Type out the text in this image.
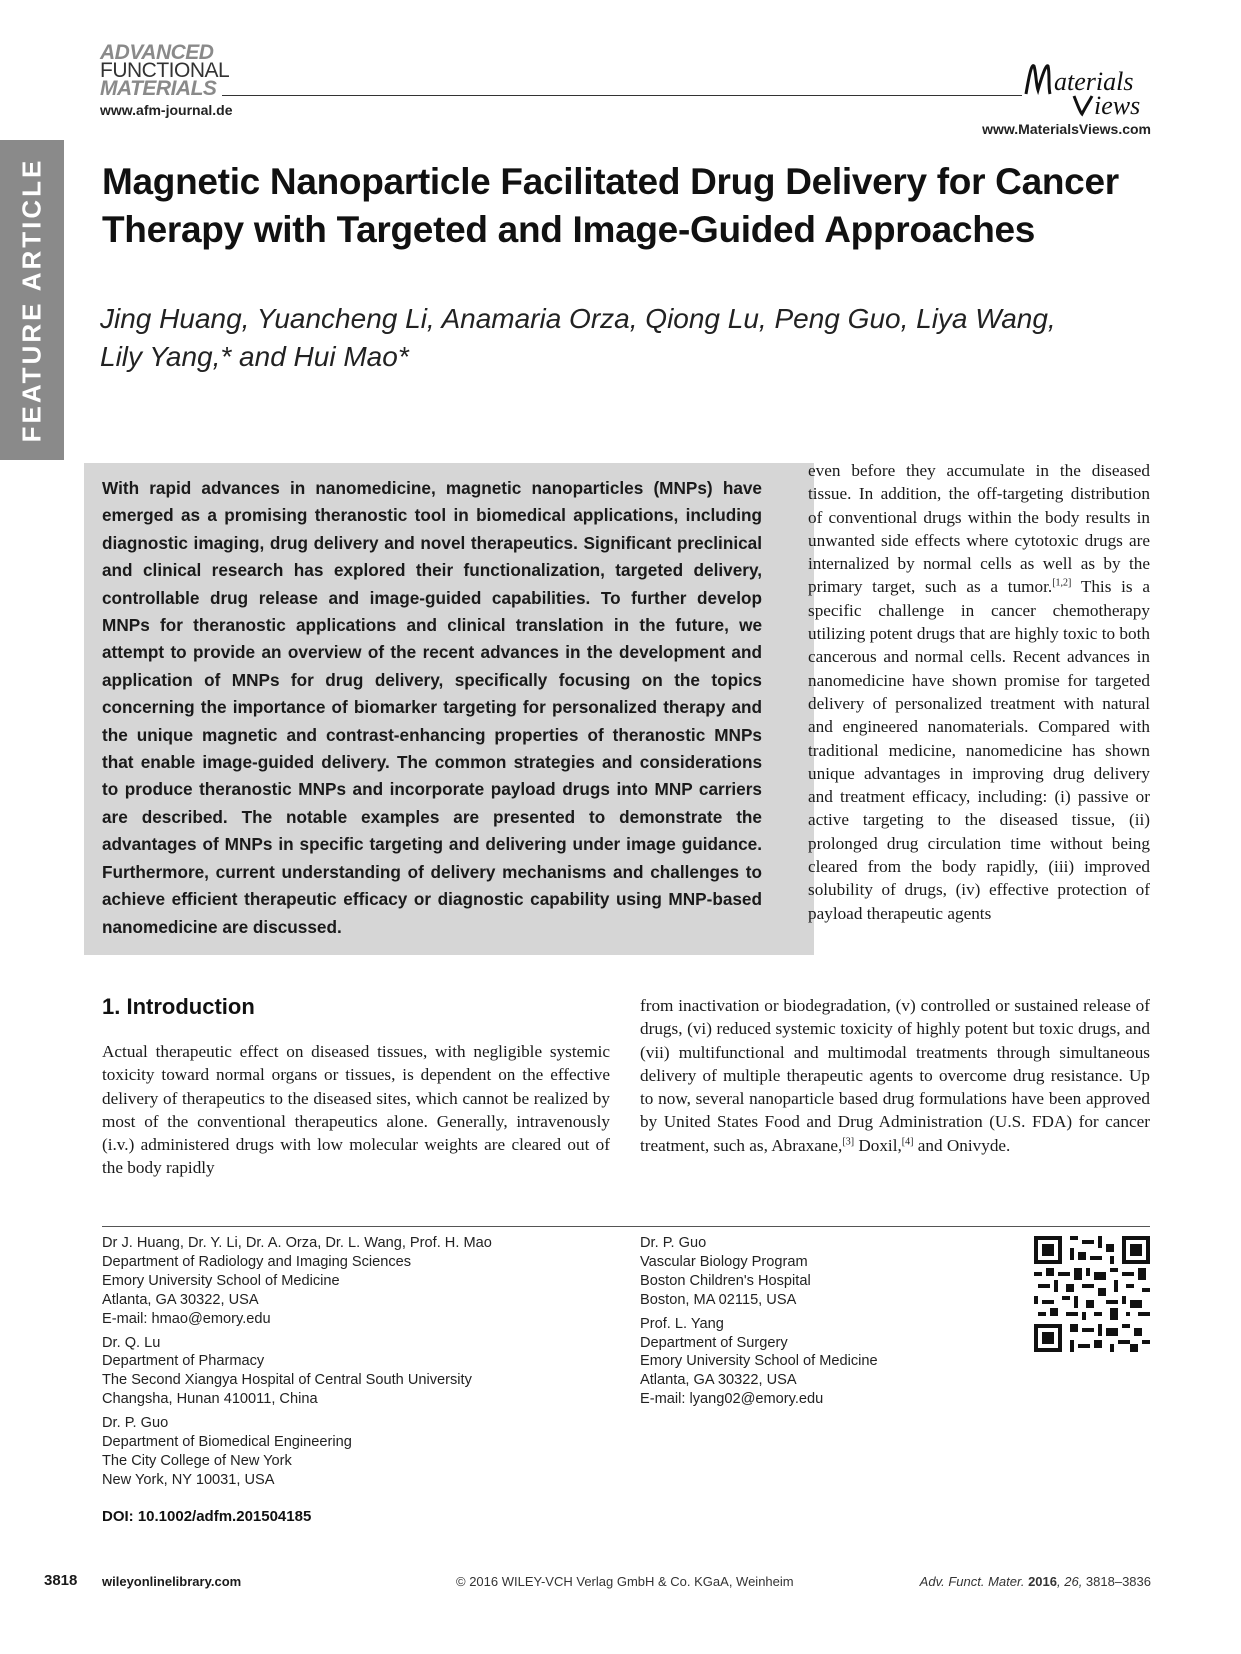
FEATURE ARTICLE
ADVANCED
FUNCTIONAL
MATERIALS
www.afm-journal.de
aterials
iews
www.MaterialsViews.com
Magnetic Nanoparticle Facilitated Drug Delivery for Cancer Therapy with Targeted and Image-Guided Approaches
Jing Huang, Yuancheng Li, Anamaria Orza, Qiong Lu, Peng Guo, Liya Wang,
Lily Yang,* and Hui Mao*
With rapid advances in nanomedicine, magnetic nanoparticles (MNPs) have emerged as a promising theranostic tool in biomedical applications, including diagnostic imaging, drug delivery and novel therapeutics. Significant preclinical and clinical research has explored their functionalization, targeted delivery, controllable drug release and image-guided capabilities. To further develop MNPs for theranostic applications and clinical translation in the future, we attempt to provide an overview of the recent advances in the development and application of MNPs for drug delivery, specifically focusing on the topics concerning the importance of biomarker targeting for personalized therapy and the unique magnetic and contrast-enhancing properties of theranostic MNPs that enable image-guided delivery. The common strategies and considerations to produce theranostic MNPs and incorporate payload drugs into MNP carriers are described. The notable examples are presented to demonstrate the advantages of MNPs in specific targeting and delivering under image guidance. Furthermore, current understanding of delivery mechanisms and challenges to achieve efficient therapeutic efficacy or diagnostic capability using MNP-based nanomedicine are discussed.
even before they accumulate in the diseased tissue. In addition, the off-targeting distribution of conventional drugs within the body results in unwanted side effects where cytotoxic drugs are internalized by normal cells as well as by the primary target, such as a tumor.[1,2] This is a specific challenge in cancer chemotherapy utilizing potent drugs that are highly toxic to both cancerous and normal cells. Recent advances in nanomedicine have shown promise for targeted delivery of personalized treatment with natural and engineered nanomaterials. Compared with traditional medicine, nanomedicine has shown unique advantages in improving drug delivery and treatment efficacy, including: (i) passive or active targeting to the diseased tissue, (ii) prolonged drug circulation time without being cleared from the body rapidly, (iii) improved solubility of drugs, (iv) effective protection of payload therapeutic agents
1. Introduction
Actual therapeutic effect on diseased tissues, with negligible systemic toxicity toward normal organs or tissues, is dependent on the effective delivery of therapeutics to the diseased sites, which cannot be realized by most of the conventional therapeutics alone. Generally, intravenously (i.v.) administered drugs with low molecular weights are cleared out of the body rapidly
from inactivation or biodegradation, (v) controlled or sustained release of drugs, (vi) reduced systemic toxicity of highly potent but toxic drugs, and (vii) multifunctional and multimodal treatments through simultaneous delivery of multiple therapeutic agents to overcome drug resistance. Up to now, several nanoparticle based drug formulations have been approved by United States Food and Drug Administration (U.S. FDA) for cancer treatment, such as, Abraxane,[3] Doxil,[4] and Onivyde.
Dr J. Huang, Dr. Y. Li, Dr. A. Orza, Dr. L. Wang, Prof. H. Mao
Department of Radiology and Imaging Sciences
Emory University School of Medicine
Atlanta, GA 30322, USA
E-mail: hmao@emory.edu
Dr. Q. Lu
Department of Pharmacy
The Second Xiangya Hospital of Central South University
Changsha, Hunan 410011, China
Dr. P. Guo
Department of Biomedical Engineering
The City College of New York
New York, NY 10031, USA
Dr. P. Guo
Vascular Biology Program
Boston Children's Hospital
Boston, MA 02115, USA
Prof. L. Yang
Department of Surgery
Emory University School of Medicine
Atlanta, GA 30322, USA
E-mail: lyang02@emory.edu
DOI: 10.1002/adfm.201504185
3818 wileyonlinelibrary.com	© 2016 WILEY-VCH Verlag GmbH & Co. KGaA, Weinheim	Adv. Funct. Mater. 2016, 26, 3818–3836
